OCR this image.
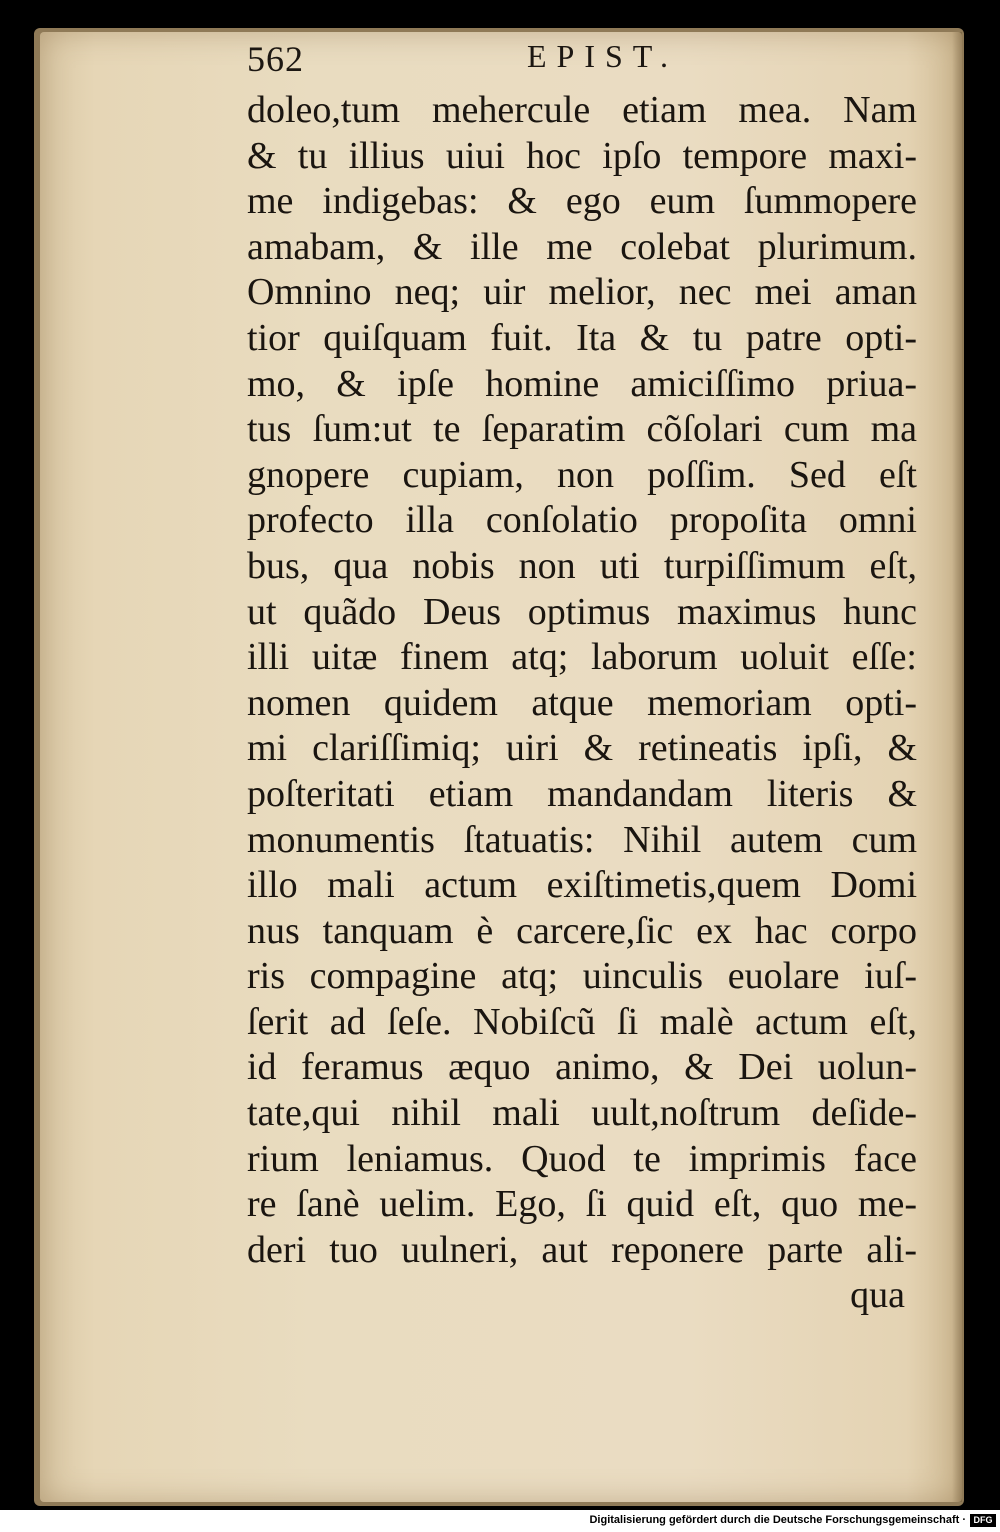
562	EPIST.
doleo,tum mehercule etiam mea. Nam
& tu illius uiui hoc ipſo tempore maxi-
me indigebas: & ego eum ſummopere
amabam, & ille me colebat plurimum.
Omnino neq; uir melior, nec mei aman
tior quiſquam fuit. Ita & tu patre opti-
mo, & ipſe homine amiciſſimo priua-
tus ſum:ut te ſeparatim cõſolari cum ma
gnopere cupiam, non poſſim. Sed eſt
profecto illa conſolatio propoſita omni
bus, qua nobis non uti turpiſſimum eſt,
ut quãdo Deus optimus maximus hunc
illi uitæ finem atq; laborum uoluit eſſe:
nomen quidem atque memoriam opti-
mi clariſſimiq; uiri & retineatis ipſi, &
poſteritati etiam mandandam literis &
monumentis ſtatuatis: Nihil autem cum
illo mali actum exiſtimetis,quem Domi
nus tanquam è carcere,ſic ex hac corpo
ris compagine atq; uinculis euolare iuſ-
ſerit ad ſeſe. Nobiſcũ ſi malè actum eſt,
id feramus æquo animo, & Dei uolun-
tate,qui nihil mali uult,noſtrum deſide-
rium leniamus. Quod te imprimis face
re ſanè uelim. Ego, ſi quid eſt, quo me-
deri tuo uulneri, aut reponere parte ali-
qua
Digitalisierung gefördert durch die Deutsche Forschungsgemeinschaft · DFG
